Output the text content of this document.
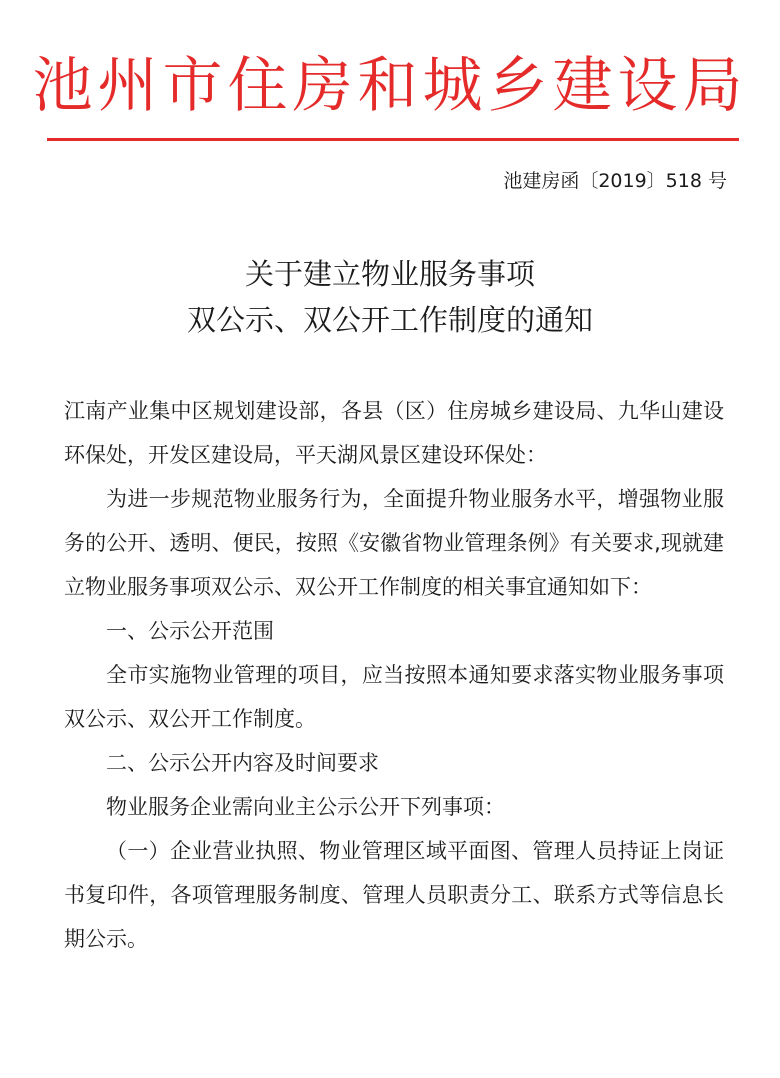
池州市住房和城乡建设局
池建房函〔2019〕518 号
关于建立物业服务事项
双公示、双公开工作制度的通知

江南产业集中区规划建设部，各县（区）住房城乡建设局、九华山建设环保处，开发区建设局，平天湖风景区建设环保处：

为进一步规范物业服务行为，全面提升物业服务水平，增强物业服务的公开、透明、便民，按照《安徽省物业管理条例》有关要求,现就建立物业服务事项双公示、双公开工作制度的相关事宜通知如下：

一、公示公开范围

全市实施物业管理的项目，应当按照本通知要求落实物业服务事项双公示、双公开工作制度。

二、公示公开内容及时间要求

物业服务企业需向业主公示公开下列事项：

（一）企业营业执照、物业管理区域平面图、管理人员持证上岗证书复印件，各项管理服务制度、管理人员职责分工、联系方式等信息长期公示。
